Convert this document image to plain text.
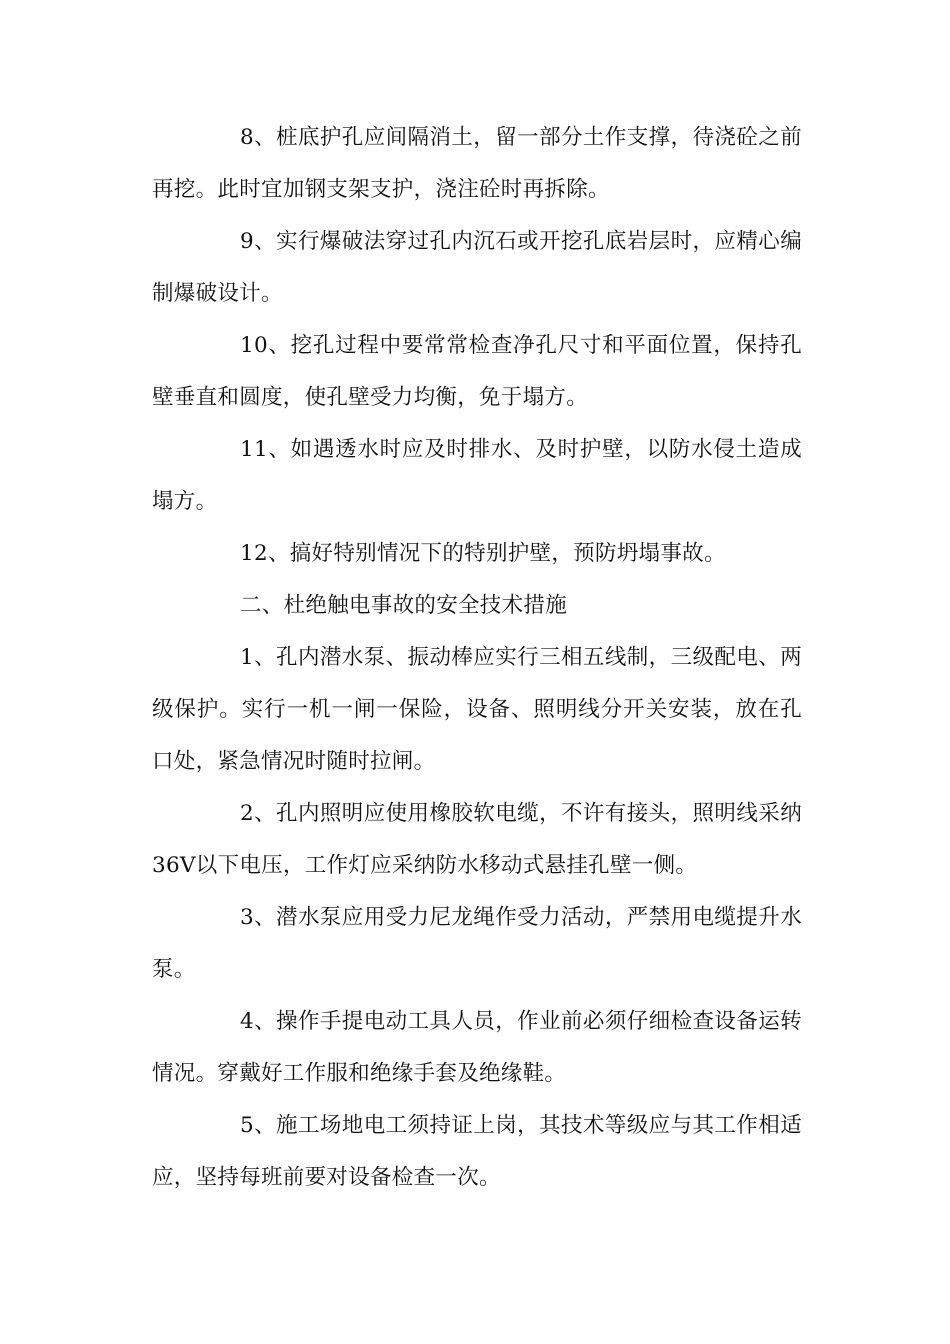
8、桩底护孔应间隔消土，留一部分土作支撑，待浇砼之前再挖。此时宜加钢支架支护，浇注砼时再拆除。

9、实行爆破法穿过孔内沉石或开挖孔底岩层时，应精心编制爆破设计。

10、挖孔过程中要常常检查净孔尺寸和平面位置，保持孔壁垂直和圆度，使孔壁受力均衡，免于塌方。

11、如遇透水时应及时排水、及时护壁，以防水侵土造成塌方。

12、搞好特别情况下的特别护壁，预防坍塌事故。

二、杜绝触电事故的安全技术措施

1、孔内潜水泵、振动棒应实行三相五线制，三级配电、两级保护。实行一机一闸一保险，设备、照明线分开关安装，放在孔口处，紧急情况时随时拉闸。

2、孔内照明应使用橡胶软电缆，不许有接头，照明线采纳36V以下电压，工作灯应采纳防水移动式悬挂孔壁一侧。

3、潜水泵应用受力尼龙绳作受力活动，严禁用电缆提升水泵。

4、操作手提电动工具人员，作业前必须仔细检查设备运转情况。穿戴好工作服和绝缘手套及绝缘鞋。

5、施工场地电工须持证上岗，其技术等级应与其工作相适应，坚持每班前要对设备检查一次。
